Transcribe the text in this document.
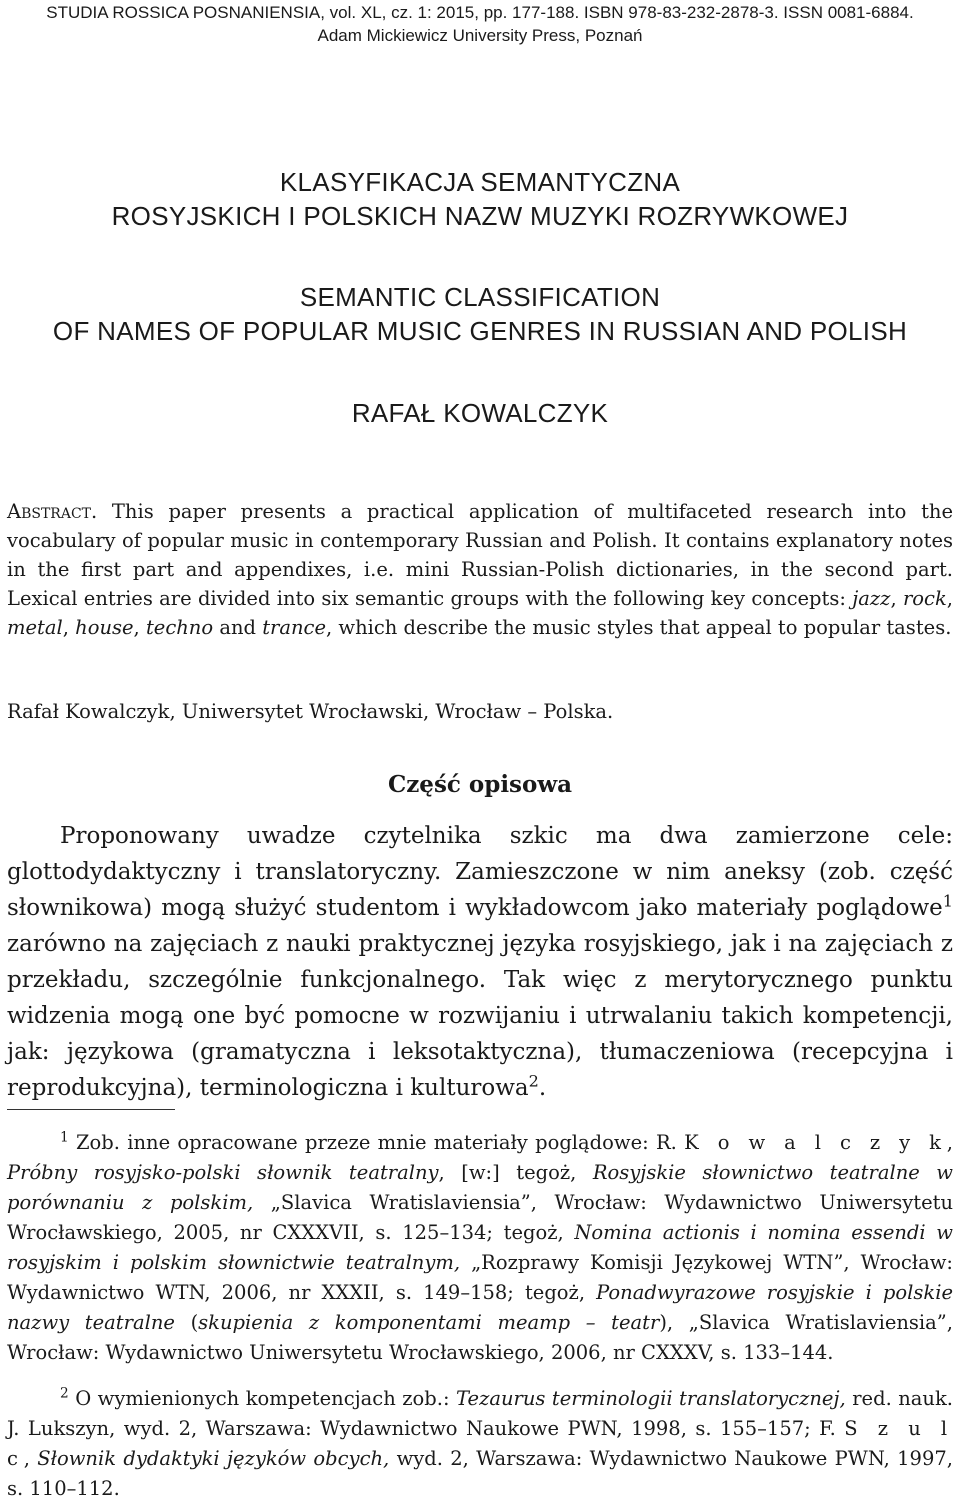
STUDIA ROSSICA POSNANIENSIA, vol. XL, cz. 1: 2015, pp. 177-188. ISBN 978-83-232-2878-3. ISSN 0081-6884.
Adam Mickiewicz University Press, Poznań
KLASYFIKACJA SEMANTYCZNA
ROSYJSKICH I POLSKICH NAZW MUZYKI ROZRYWKOWEJ
SEMANTIC CLASSIFICATION
OF NAMES OF POPULAR MUSIC GENRES IN RUSSIAN AND POLISH
RAFAŁ KOWALCZYK

Abstract. This paper presents a practical application of multifaceted research into the vocabulary of popular music in contemporary Russian and Polish. It contains explanatory notes in the first part and appendixes, i.e. mini Russian-Polish dictionaries, in the second part. Lexical entries are divided into six semantic groups with the following key concepts: jazz, rock, metal, house, techno and trance, which describe the music styles that appeal to popular tastes.

Rafał Kowalczyk, Uniwersytet Wrocławski, Wrocław – Polska.

Część opisowa

Proponowany uwadze czytelnika szkic ma dwa zamierzone cele: glottodydaktyczny i translatoryczny. Zamieszczone w nim aneksy (zob. część słownikowa) mogą służyć studentom i wykładowcom jako materiały poglądowe$^1$ zarówno na zajęciach z nauki praktycznej języka rosyjskiego, jak i na zajęciach z przekładu, szczególnie funkcjonalnego. Tak więc z merytorycznego punktu widzenia mogą one być pomocne w rozwijaniu i utrwalaniu takich kompetencji, jak: językowa (gramatyczna i leksotaktyczna), tłumaczeniowa (recepcyjna i reprodukcyjna), terminologiczna i kulturowa$^2$.

$^1$ Zob. inne opracowane przeze mnie materiały poglądowe: R. K o w a l c z y k, Próbny rosyjsko-polski słownik teatralny, [w:] tegoż, Rosyjskie słownictwo teatralne w porównaniu z polskim, „Slavica Wratislaviensia”, Wrocław: Wydawnictwo Uniwersytetu Wrocławskiego, 2005, nr CXXXVII, s. 125–134; tegoż, Nomina actionis i nomina essendi w rosyjskim i polskim słownictwie teatralnym, „Rozprawy Komisji Językowej WTN”, Wrocław: Wydawnictwo WTN, 2006, nr XXXII, s. 149–158; tegoż, Ponadwyrazowe rosyjskie i polskie nazwy teatralne (skupienia z komponentami театр – teatr), „Slavica Wratislaviensia”, Wrocław: Wydawnictwo Uniwersytetu Wrocławskiego, 2006, nr CXXXV, s. 133–144.

$^2$ O wymienionych kompetencjach zob.: Tezaurus terminologii translatorycznej, red. nauk. J. Lukszyn, wyd. 2, Warszawa: Wydawnictwo Naukowe PWN, 1998, s. 155–157; F. S z u l c, Słownik dydaktyki języków obcych, wyd. 2, Warszawa: Wydawnictwo Naukowe PWN, 1997, s. 110–112.
